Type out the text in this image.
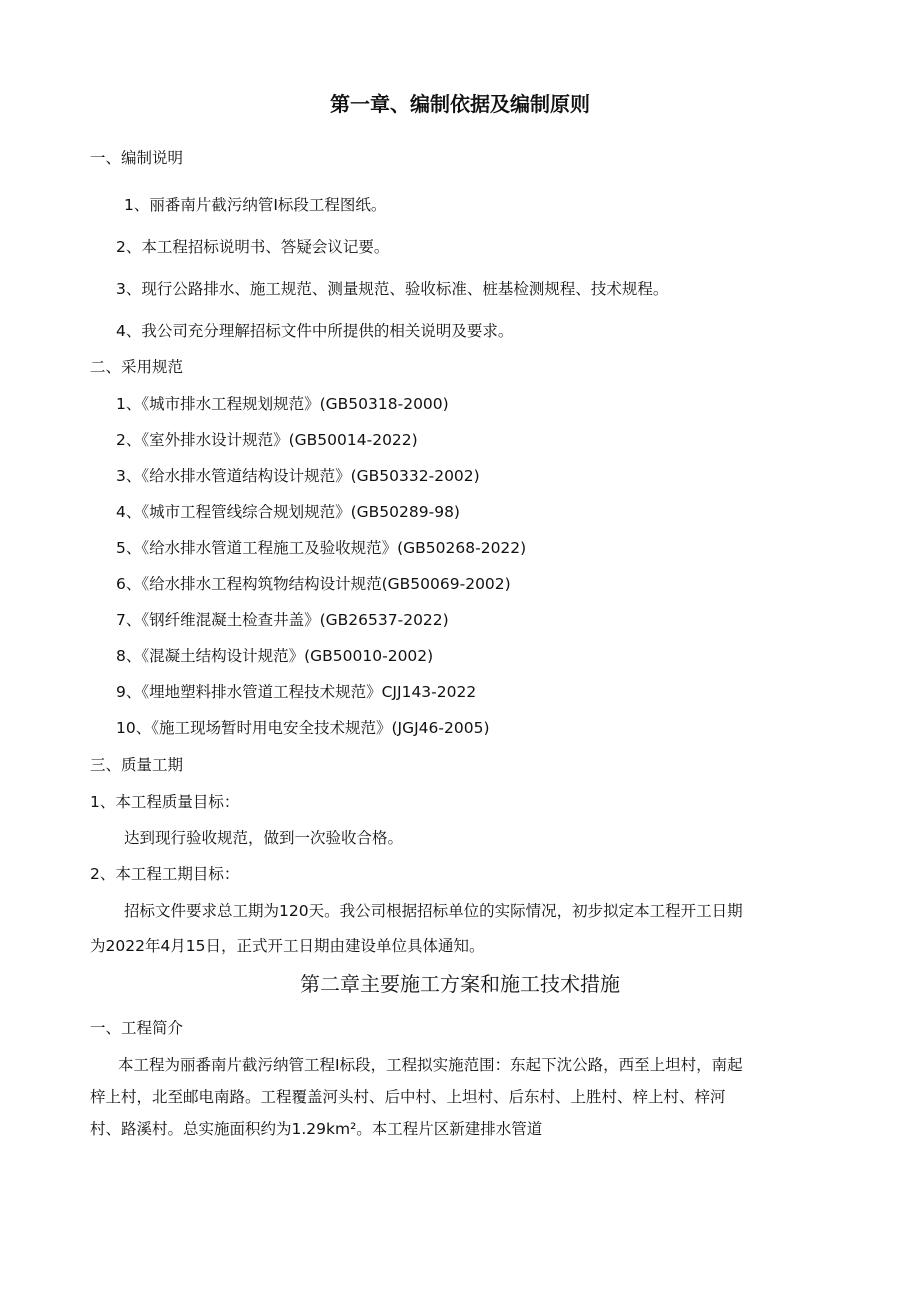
第一章、编制依据及编制原则
一、编制说明
1、丽番南片截污纳管Ⅰ标段工程图纸。
2、本工程招标说明书、答疑会议记要。
3、现行公路排水、施工规范、测量规范、验收标准、桩基检测规程、技术规程。
4、我公司充分理解招标文件中所提供的相关说明及要求。
二、采用规范
1、《城市排水工程规划规范》(GB50318-2000)
2、《室外排水设计规范》(GB50014-2022)
3、《给水排水管道结构设计规范》(GB50332-2002)
4、《城市工程管线综合规划规范》(GB50289-98)
5、《给水排水管道工程施工及验收规范》(GB50268-2022)
6、《给水排水工程构筑物结构设计规范(GB50069-2002)
7、《钢纤维混凝土检查井盖》(GB26537-2022)
8、《混凝土结构设计规范》(GB50010-2002)
9、《埋地塑料排水管道工程技术规范》CJJ143-2022
10、《施工现场暂时用电安全技术规范》(JGJ46-2005)
三、质量工期
1、本工程质量目标：
达到现行验收规范，做到一次验收合格。
2、本工程工期目标：
招标文件要求总工期为120天。我公司根据招标单位的实际情况，初步拟定本工程开工日期
为2022年4月15日，正式开工日期由建设单位具体通知。
第二章主要施工方案和施工技术措施
一、工程简介
本工程为丽番南片截污纳管工程Ⅰ标段，工程拟实施范围：东起下沈公路，西至上坦村，南起
梓上村，北至邮电南路。工程覆盖河头村、后中村、上坦村、后东村、上胜村、梓上村、梓河
村、路溪村。总实施面积约为1.29km²。本工程片区新建排水管道
